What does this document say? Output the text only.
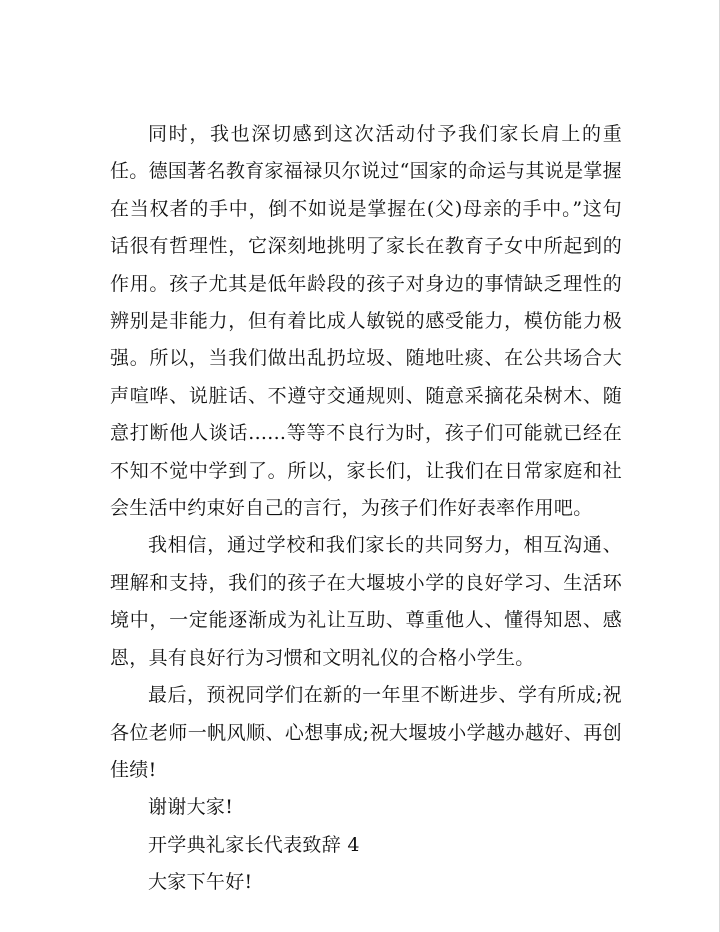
同时，我也深切感到这次活动付予我们家长肩上的重任。德国著名教育家福禄贝尔说过“国家的命运与其说是掌握在当权者的手中，倒不如说是掌握在(父)母亲的手中。”这句话很有哲理性，它深刻地挑明了家长在教育子女中所起到的作用。孩子尤其是低年龄段的孩子对身边的事情缺乏理性的辨别是非能力，但有着比成人敏锐的感受能力，模仿能力极强。所以，当我们做出乱扔垃圾、随地吐痰、在公共场合大声喧哗、说脏话、不遵守交通规则、随意采摘花朵树木、随意打断他人谈话......等等不良行为时，孩子们可能就已经在不知不觉中学到了。所以，家长们，让我们在日常家庭和社会生活中约束好自己的言行，为孩子们作好表率作用吧。

我相信，通过学校和我们家长的共同努力，相互沟通、理解和支持，我们的孩子在大堰坡小学的良好学习、生活环境中，一定能逐渐成为礼让互助、尊重他人、懂得知恩、感恩，具有良好行为习惯和文明礼仪的合格小学生。

最后，预祝同学们在新的一年里不断进步、学有所成;祝各位老师一帆风顺、心想事成;祝大堰坡小学越办越好、再创佳绩!

谢谢大家!

开学典礼家长代表致辞 4

大家下午好!
